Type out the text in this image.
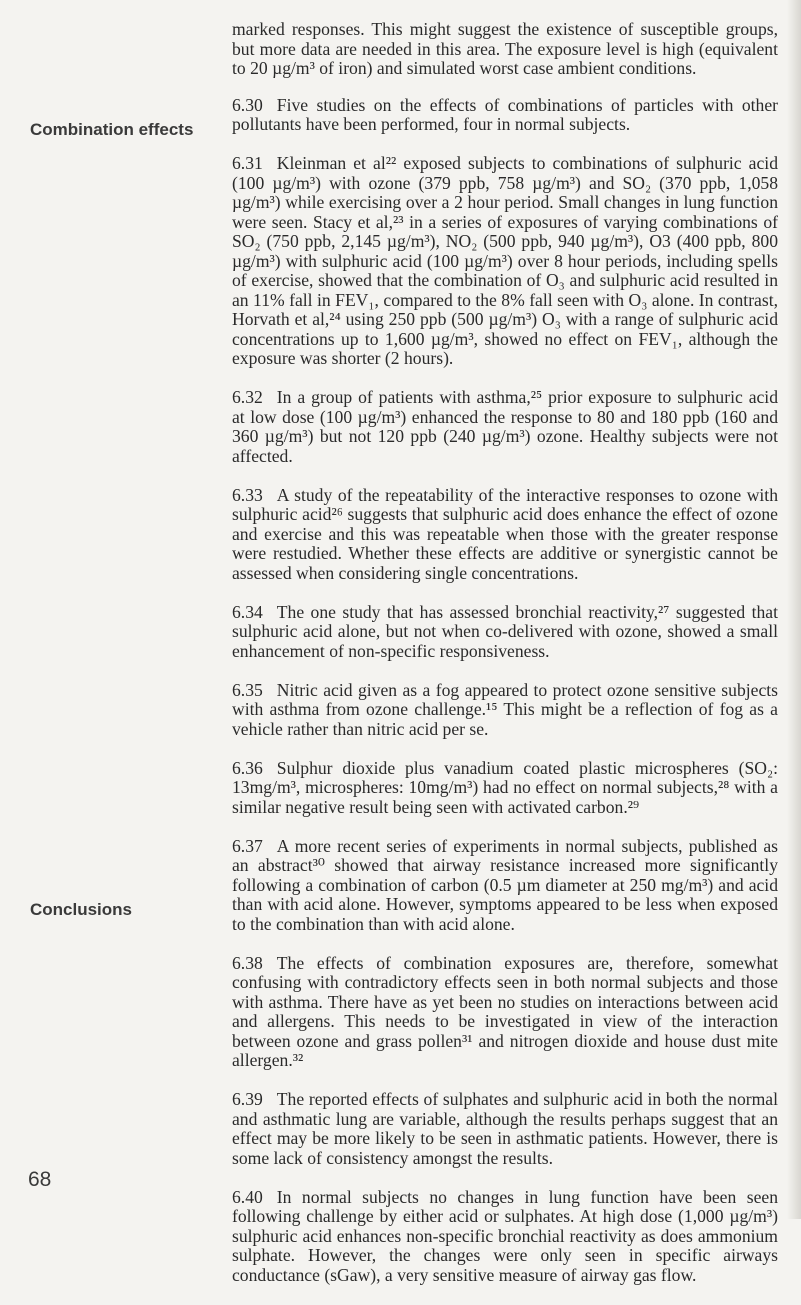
Combination effects
Conclusions
68

marked responses. This might suggest the existence of susceptible groups, but more data are needed in this area. The exposure level is high (equivalent to 20 µg/m³ of iron) and simulated worst case ambient conditions.

6.30 Five studies on the effects of combinations of particles with other pollutants have been performed, four in normal subjects.

6.31 Kleinman et al²² exposed subjects to combinations of sulphuric acid (100 µg/m³) with ozone (379 ppb, 758 µg/m³) and SO₂ (370 ppb, 1,058 µg/m³) while exercising over a 2 hour period. Small changes in lung function were seen. Stacy et al,²³ in a series of exposures of varying combinations of SO₂ (750 ppb, 2,145 µg/m³), NO₂ (500 ppb, 940 µg/m³), O3 (400 ppb, 800 µg/m³) with sulphuric acid (100 µg/m³) over 8 hour periods, including spells of exercise, showed that the combination of O₃ and sulphuric acid resulted in an 11% fall in FEV₁, compared to the 8% fall seen with O₃ alone. In contrast, Horvath et al,²⁴ using 250 ppb (500 µg/m³) O₃ with a range of sulphuric acid concentrations up to 1,600 µg/m³, showed no effect on FEV₁, although the exposure was shorter (2 hours).

6.32 In a group of patients with asthma,²⁵ prior exposure to sulphuric acid at low dose (100 µg/m³) enhanced the response to 80 and 180 ppb (160 and 360 µg/m³) but not 120 ppb (240 µg/m³) ozone. Healthy subjects were not affected.

6.33 A study of the repeatability of the interactive responses to ozone with sulphuric acid²⁶ suggests that sulphuric acid does enhance the effect of ozone and exercise and this was repeatable when those with the greater response were restudied. Whether these effects are additive or synergistic cannot be assessed when considering single concentrations.

6.34 The one study that has assessed bronchial reactivity,²⁷ suggested that sulphuric acid alone, but not when co-delivered with ozone, showed a small enhancement of non-specific responsiveness.

6.35 Nitric acid given as a fog appeared to protect ozone sensitive subjects with asthma from ozone challenge.¹⁵ This might be a reflection of fog as a vehicle rather than nitric acid per se.

6.36 Sulphur dioxide plus vanadium coated plastic microspheres (SO₂: 13mg/m³, microspheres: 10mg/m³) had no effect on normal subjects,²⁸ with a similar negative result being seen with activated carbon.²⁹

6.37 A more recent series of experiments in normal subjects, published as an abstract³⁰ showed that airway resistance increased more significantly following a combination of carbon (0.5 µm diameter at 250 mg/m³) and acid than with acid alone. However, symptoms appeared to be less when exposed to the combination than with acid alone.

6.38 The effects of combination exposures are, therefore, somewhat confusing with contradictory effects seen in both normal subjects and those with asthma. There have as yet been no studies on interactions between acid and allergens. This needs to be investigated in view of the interaction between ozone and grass pollen³¹ and nitrogen dioxide and house dust mite allergen.³²

6.39 The reported effects of sulphates and sulphuric acid in both the normal and asthmatic lung are variable, although the results perhaps suggest that an effect may be more likely to be seen in asthmatic patients. However, there is some lack of consistency amongst the results.

6.40 In normal subjects no changes in lung function have been seen following challenge by either acid or sulphates. At high dose (1,000 µg/m³) sulphuric acid enhances non-specific bronchial reactivity as does ammonium sulphate. However, the changes were only seen in specific airways conductance (sGaw), a very sensitive measure of airway gas flow.
